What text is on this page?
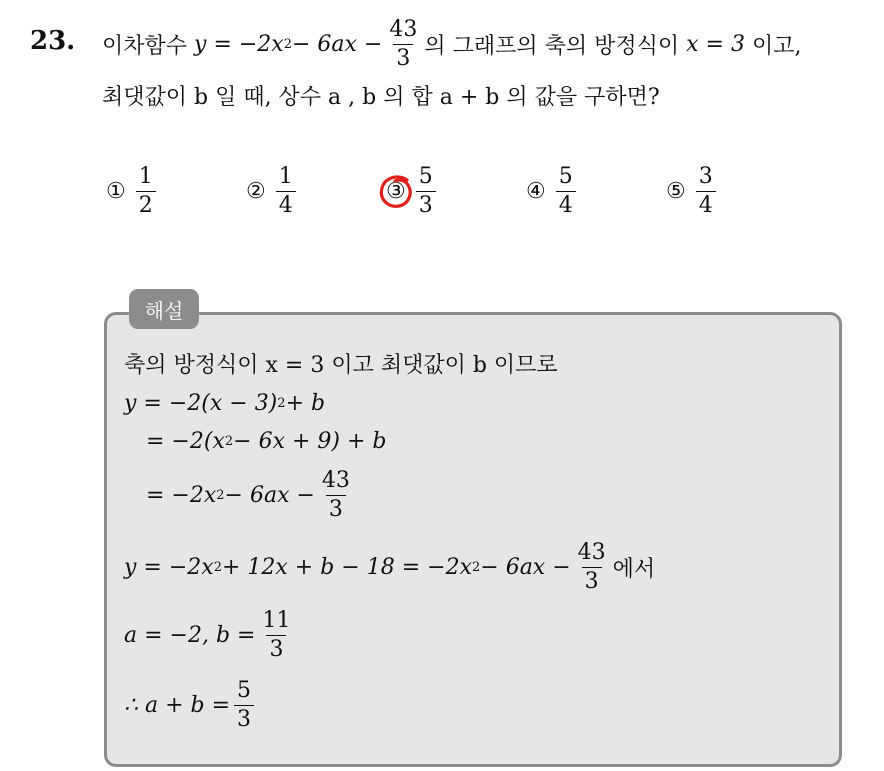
23. 이차함수
y = −2x $2 - 6ax - \frac{43}{3}$ 의 그래프의 축의 방정식이
x = 3
이고,
최댓값이 b 일 때, 상수 a , b 의 합 a + b 의 값을 구하면?
① $\frac{1}{2}$	② $\frac{1}{4}$	③ $\frac{5}{3}$	④ $\frac{5}{4}$	⑤ $\frac{3}{4}$
해설
축의 방정식이 x = 3 이고 최댓값이 b 이므로
y = −2(x − 3) 2 + b
= −2(x 2 − 6x + 9) + b
= −2x $2 - 6ax - \frac{43}{3}$
y = −2x 2 + 12x + b − 18 = −2x $2 - 6ax - \frac{43}{3}$ 에서
a = −2, $b = \frac{11}{3}$
∴ $a + b = \frac{5}{3}$
